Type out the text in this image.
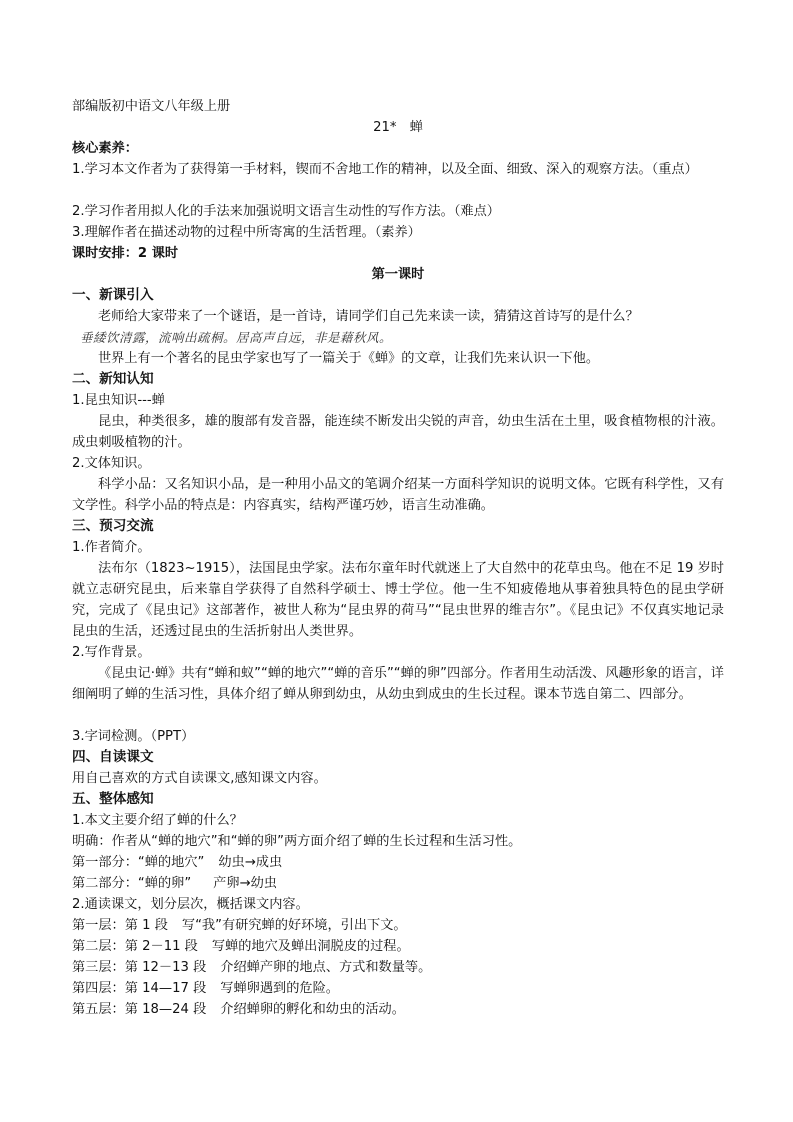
部编版初中语文八年级上册
21*　蝉
核心素养：
1.学习本文作者为了获得第一手材料，锲而不舍地工作的精神，以及全面、细致、深入的观察方法。（重点）
2.学习作者用拟人化的手法来加强说明文语言生动性的写作方法。（难点）
3.理解作者在描述动物的过程中所寄寓的生活哲理。（素养）
课时安排：2 课时
第一课时
一、新课引入
老师给大家带来了一个谜语，是一首诗，请同学们自己先来读一读，猜猜这首诗写的是什么？
垂緌饮清露，流响出疏桐。居高声自远，非是藉秋风。
世界上有一个著名的昆虫学家也写了一篇关于《蝉》的文章，让我们先来认识一下他。
二、新知认知
1.昆虫知识---蝉
昆虫，种类很多，雄的腹部有发音器，能连续不断发出尖锐的声音，幼虫生活在土里，吸食植物根的汁液。成虫刺吸植物的汁。
2.文体知识。
科学小品：又名知识小品，是一种用小品文的笔调介绍某一方面科学知识的说明文体。它既有科学性，又有文学性。科学小品的特点是：内容真实，结构严谨巧妙，语言生动准确。
三、预习交流
1.作者简介。
法布尔（1823~1915），法国昆虫学家。法布尔童年时代就迷上了大自然中的花草虫鸟。他在不足 19 岁时就立志研究昆虫，后来靠自学获得了自然科学硕士、博士学位。他一生不知疲倦地从事着独具特色的昆虫学研究，完成了《昆虫记》这部著作，被世人称为“昆虫界的荷马”“昆虫世界的维吉尔”。《昆虫记》不仅真实地记录昆虫的生活，还透过昆虫的生活折射出人类世界。
2.写作背景。
《昆虫记·蝉》共有“蝉和蚁”“蝉的地穴”“蝉的音乐”“蝉的卵”四部分。作者用生动活泼、风趣形象的语言，详细阐明了蝉的生活习性，具体介绍了蝉从卵到幼虫，从幼虫到成虫的生长过程。课本节选自第二、四部分。
3.字词检测。（PPT）
四、自读课文
用自己喜欢的方式自读课文,感知课文内容。
五、整体感知
1.本文主要介绍了蝉的什么？
明确：作者从“蝉的地穴”和“蝉的卵”两方面介绍了蝉的生长过程和生活习性。
第一部分：“蝉的地穴” 幼虫→成虫
第二部分：“蝉的卵” 产卵→幼虫
2.通读课文，划分层次，概括课文内容。
第一层：第 1 段 写“我”有研究蝉的好环境，引出下文。
第二层：第 2－11 段 写蝉的地穴及蝉出洞脱皮的过程。
第三层：第 12－13 段 介绍蝉产卵的地点、方式和数量等。
第四层：第 14—17 段 写蝉卵遇到的危险。
第五层：第 18—24 段 介绍蝉卵的孵化和幼虫的活动。
